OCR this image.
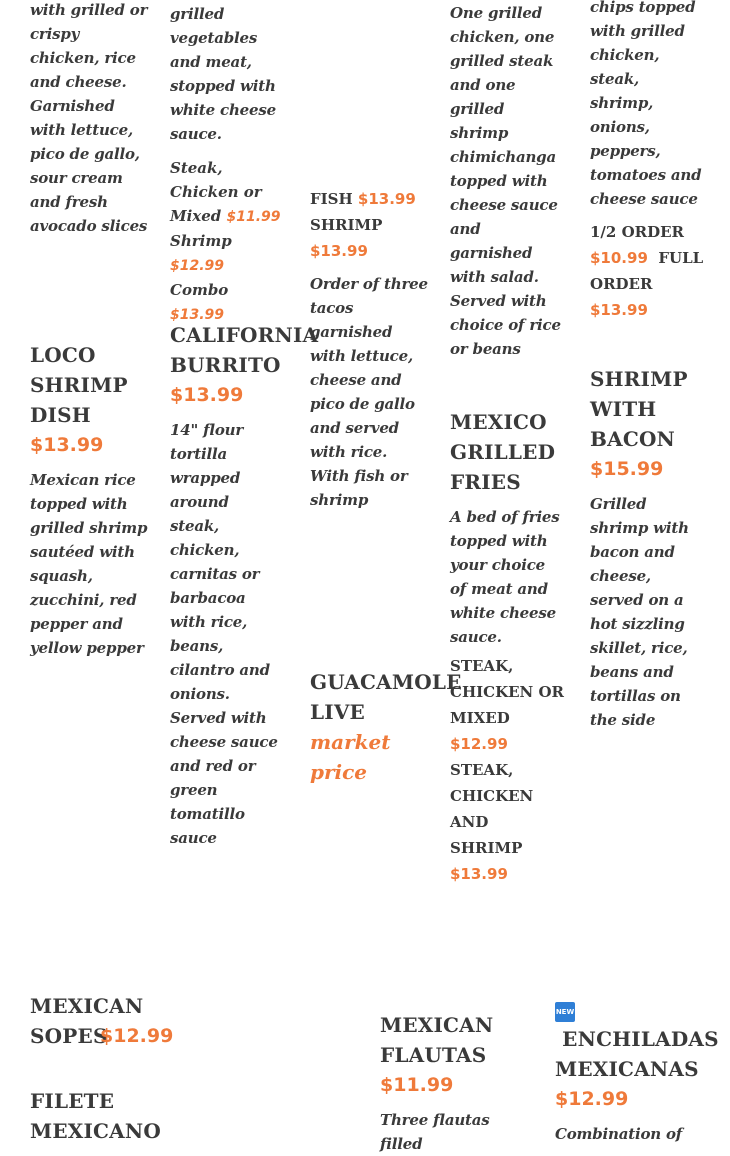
with grilled or crispy chicken, rice and cheese. Garnished with lettuce, pico de gallo, sour cream and fresh avocado slices
grilled vegetables and meat, stopped with white cheese sauce.
Steak, Chicken or Mixed $11.99
Shrimp $12.99
Combo $13.99
FISH $13.99
SHRIMP
$13.99
Order of three tacos garnished with lettuce, cheese and pico de gallo and served with rice. With fish or shrimp
One grilled chicken, one grilled steak and one grilled shrimp chimichanga topped with cheese sauce and garnished with salad. Served with choice of rice or beans
chips topped with grilled chicken, steak, shrimp, onions, peppers, tomatoes and cheese sauce
1/2 ORDER
$10.99 FULL ORDER
$13.99
LOCO SHRIMP DISH
$13.99
Mexican rice topped with grilled shrimp sautéed with squash, zucchini, red pepper and yellow pepper
CALIFORNIA BURRITO
$13.99
14" flour tortilla wrapped around steak, chicken, carnitas or barbacoa with rice, beans, cilantro and onions. Served with cheese sauce and red or green tomatillo sauce
GUACAMOLE LIVE
market price
MEXICO GRILLED FRIES
A bed of fries topped with your choice of meat and white cheese sauce.
STEAK, CHICKEN OR MIXED
$12.99
STEAK, CHICKEN AND SHRIMP
$13.99
SHRIMP WITH BACON
$15.99
Grilled shrimp with bacon and cheese, served on a hot sizzling skillet, rice, beans and tortillas on the side
MEXICAN SOPES
$12.99
FILETE MEXICANO
MEXICAN FLAUTAS
$11.99
Three flautas filled
NEW
ENCHILADAS MEXICANAS
$12.99
Combination of
